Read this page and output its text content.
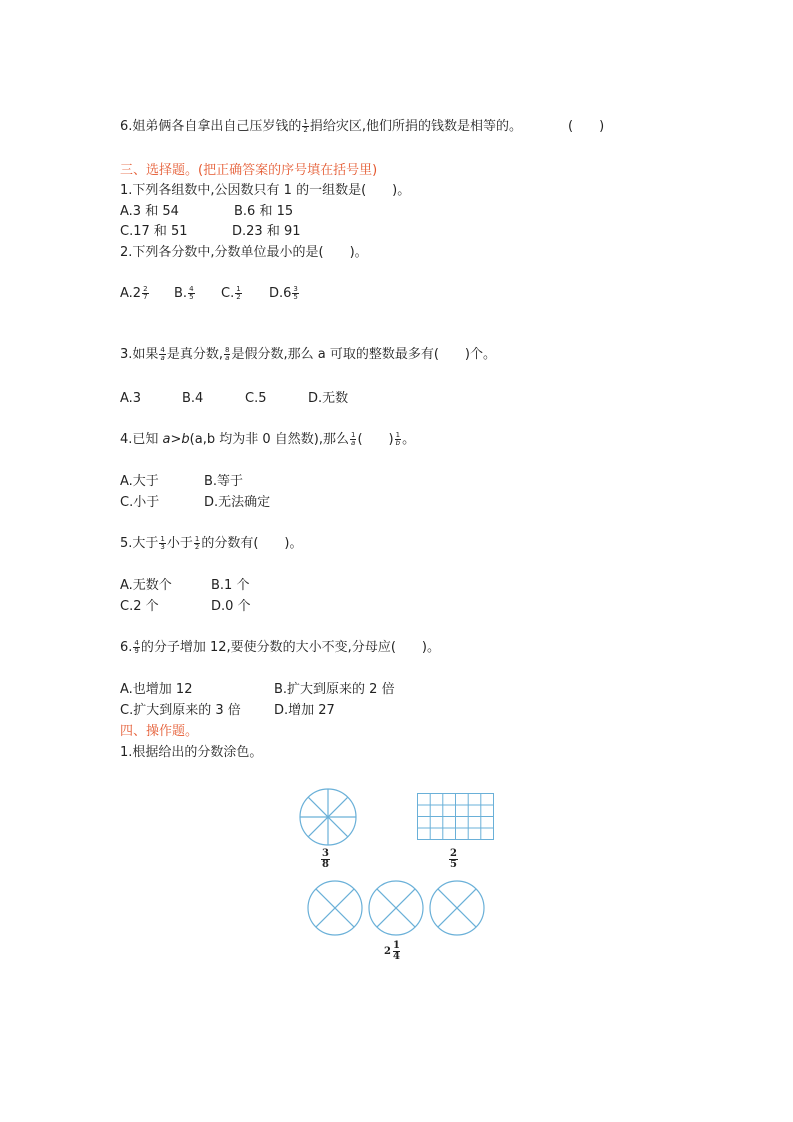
6.姐弟俩各自拿出自己压岁钱的 $\frac{1}{2}$ 捐给灾区,他们所捐的钱数是相等的。	(　　)
三、选择题。(把正确答案的序号填在括号里)
1.下列各组数中,公因数只有 1 的一组数是(　　)。
A.3 和 54	B.6 和 15
C.17 和 51	D.23 和 91
2.下列各分数中,分数单位最小的是(　　)。
$A.2 \frac{2}{7} B$. $\frac{4}{5} C$. $\frac{1}{2} D.6 \frac{3}{5}$
3.如果 $\frac{4}{a}$ 是真分数, $\frac{8}{a}$ 是假分数,那么 a 可取的整数最多有(　　)个。
A.3	B.4	C.5	D.无数
4.已知 a>b(a,b 均为非 0 自然数),那么 $\frac{1}{a}$ (　　) $\frac{1}{b}$ 。
A.大于	B.等于
C.小于	D.无法确定
5.大于 $\frac{1}{3}$ 小于 $\frac{1}{2}$ 的分数有(　　)。
A.无数个	B.1 个
C.2 个	D.0 个
6. $\frac{4}{9}$ 的分子增加 12,要使分数的大小不变,分母应(　　)。
A.也增加 12	B.扩大到原来的 2 倍
C.扩大到原来的 3 倍	D.增加 27
四、操作题。
1.根据给出的分数涂色。
3
8
2
5
$2 \frac{1}{4}$
